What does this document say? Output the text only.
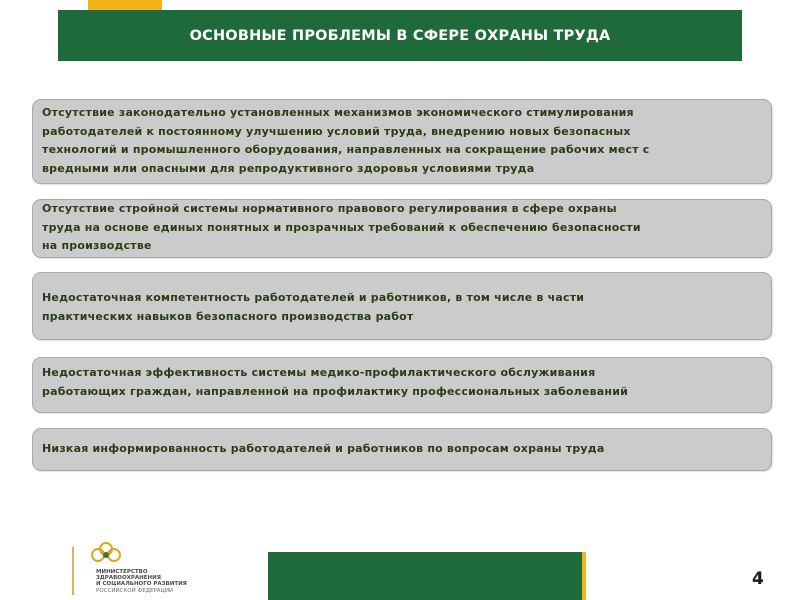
ОСНОВНЫЕ ПРОБЛЕМЫ В СФЕРЕ ОХРАНЫ ТРУДА
Отсутствие законодательно установленных механизмов экономического стимулирования
работодателей к постоянному улучшению условий труда, внедрению новых безопасных
технологий и промышленного оборудования, направленных на сокращение рабочих мест с
вредными или опасными для репродуктивного здоровья условиями труда
Отсутствие стройной системы нормативного правового регулирования в сфере охраны
труда на основе единых понятных и прозрачных требований к обеспечению безопасности
на производстве
Недостаточная компетентность работодателей и работников, в том числе в части
практических навыков безопасного производства работ
Недостаточная эффективность системы медико-профилактического обслуживания
работающих граждан, направленной на профилактику профессиональных заболеваний
Низкая информированность работодателей и работников по вопросам охраны труда
МИНИСТЕРСТВО
ЗДРАВООХРАНЕНИЯ
И СОЦИАЛЬНОГО РАЗВИТИЯ
РОССИЙСКОЙ ФЕДЕРАЦИИ
4
